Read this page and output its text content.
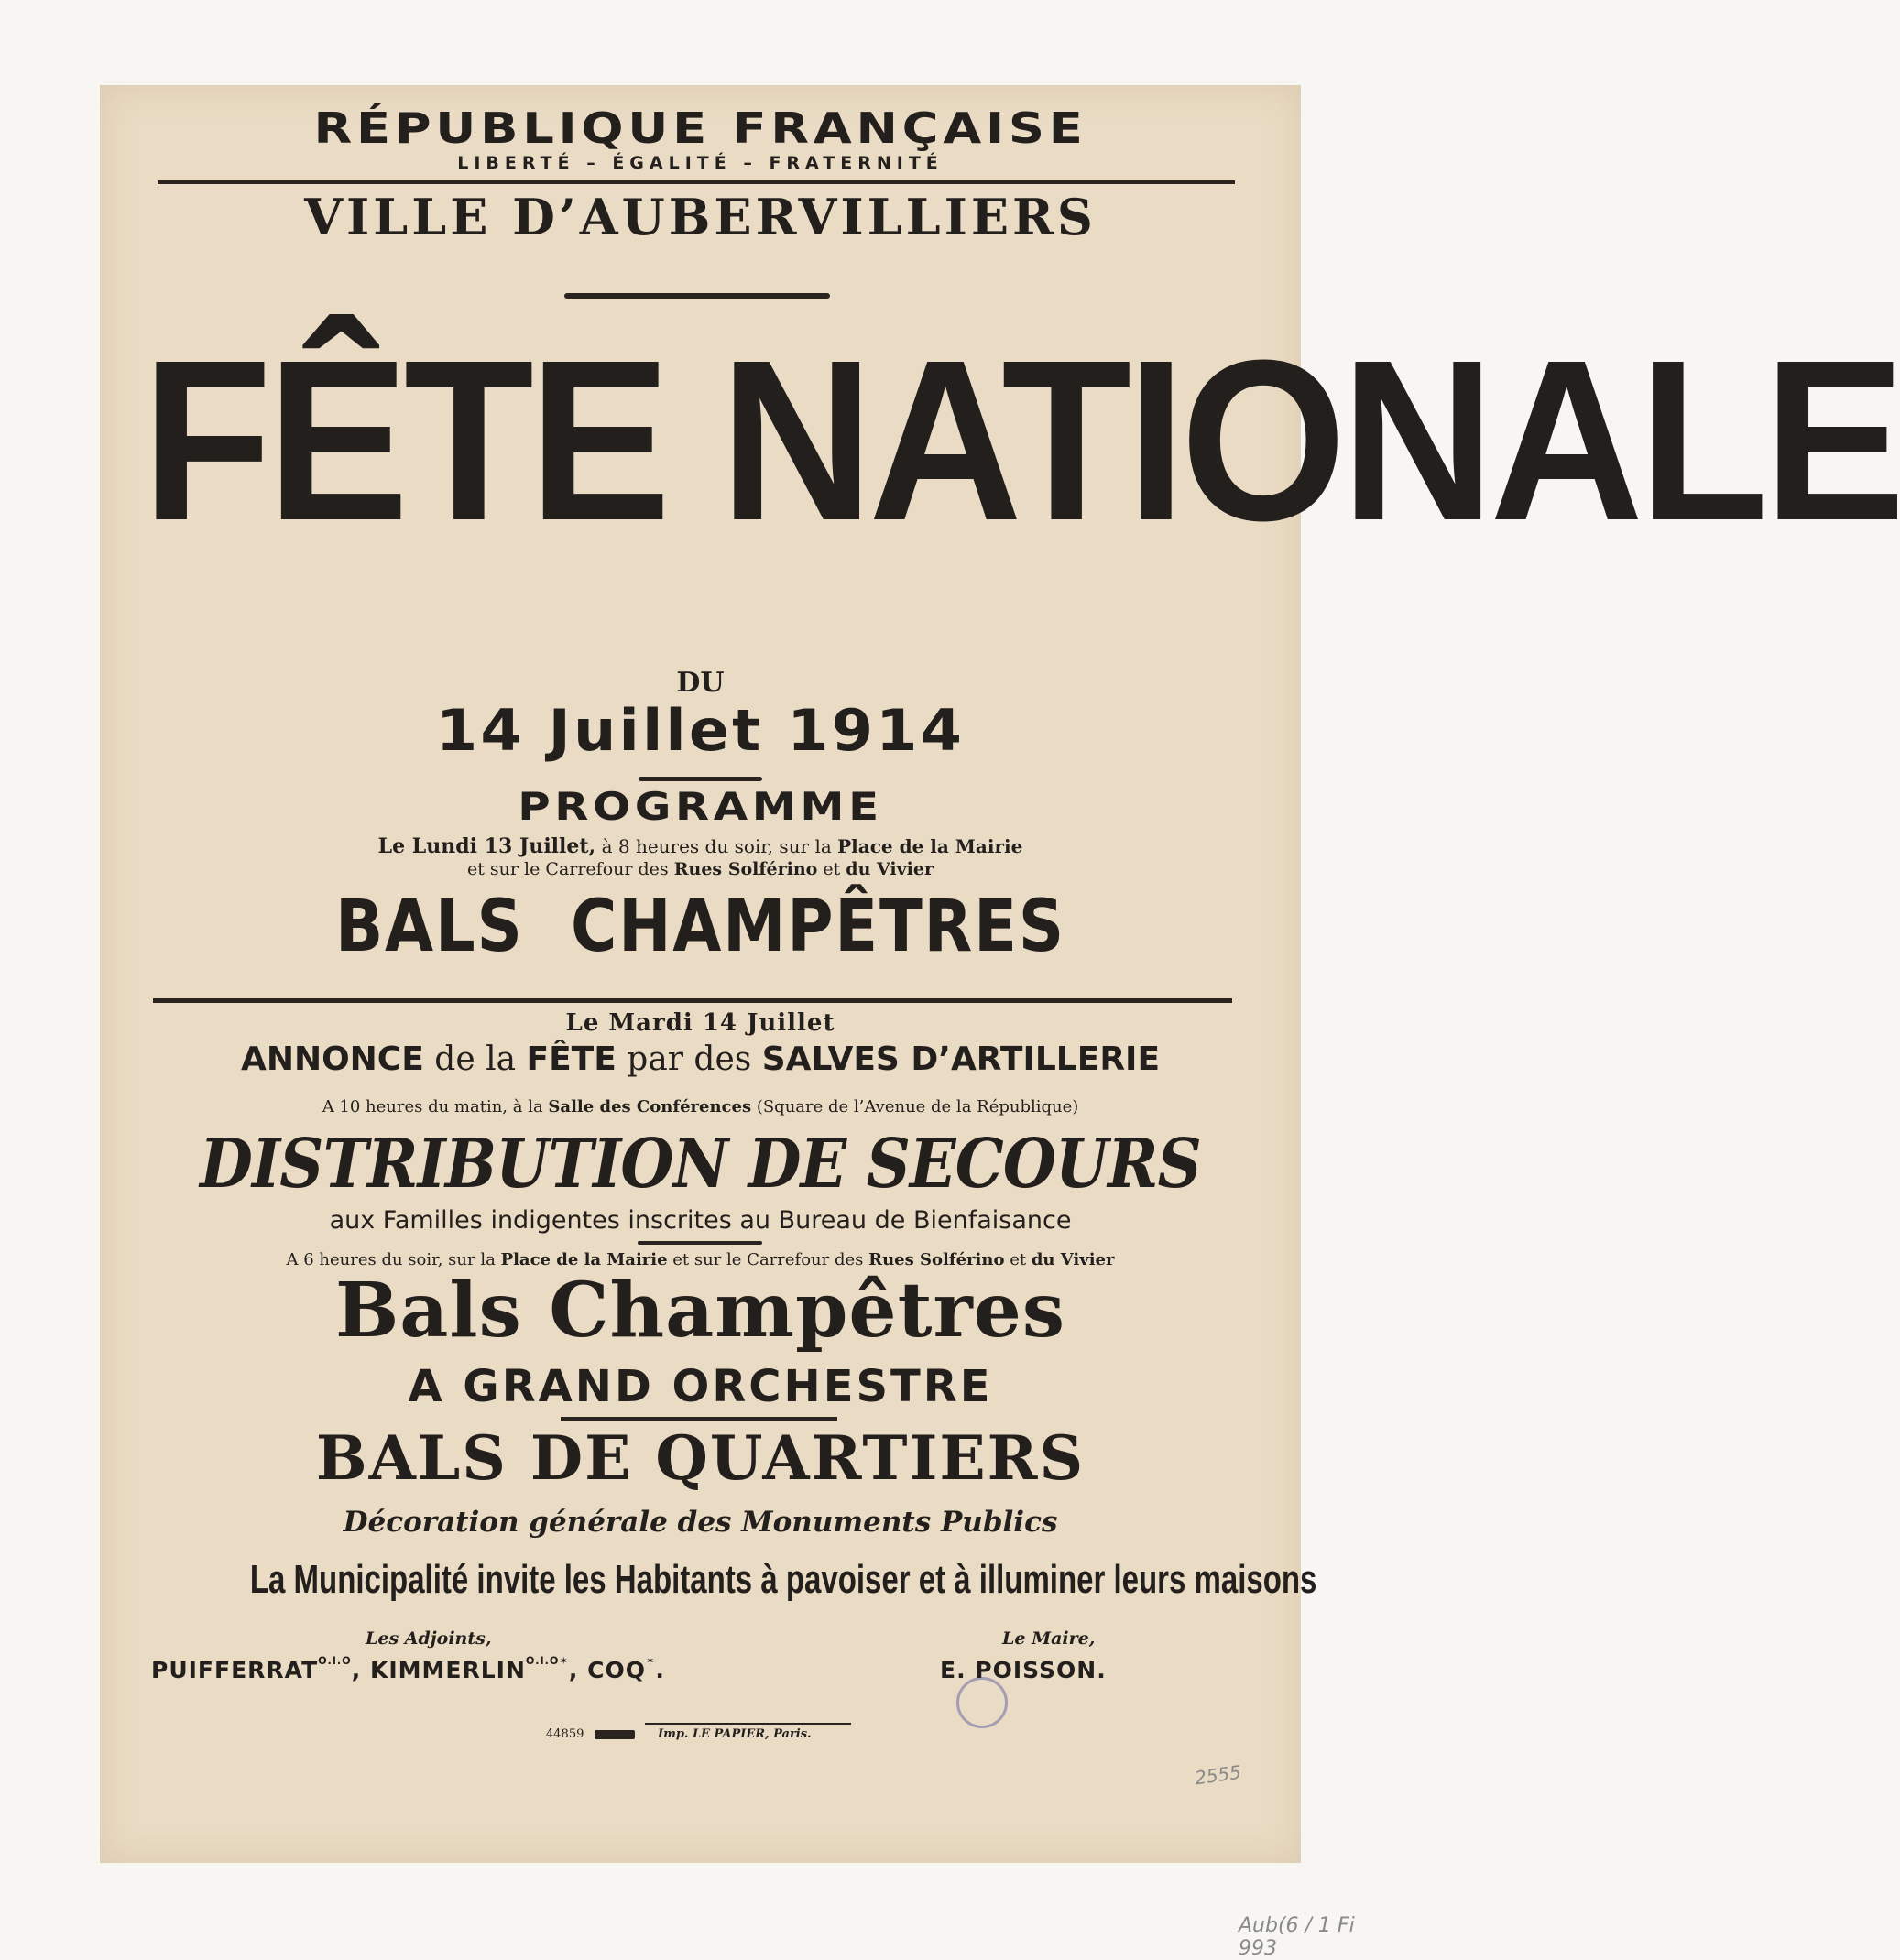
RÉPUBLIQUE FRANÇAISE
LIBERTÉ – ÉGALITÉ – FRATERNITÉ
VILLE D’AUBERVILLIERS
FÊTE NATIONALE
DU
14 Juillet 1914
PROGRAMME
Le Lundi 13 Juillet, à 8 heures du soir, sur la Place de la Mairie
et sur le Carrefour des Rues Solférino et du Vivier
BALS  CHAMPÊTRES
Le Mardi 14 Juillet
ANNONCE de la FÊTE par des SALVES D’ARTILLERIE
A 10 heures du matin, à la Salle des Conférences (Square de l’Avenue de la République)
DISTRIBUTION DE SECOURS
aux Familles indigentes inscrites au Bureau de Bienfaisance
A 6 heures du soir, sur la Place de la Mairie et sur le Carrefour des Rues Solférino et du Vivier
Bals Champêtres
A GRAND ORCHESTRE
BALS DE QUARTIERS
Décoration générale des Monuments Publics
La Municipalité invite les Habitants à pavoiser et à illuminer leurs maisons
Les Adjoints,
$PUIFFERRAT^{O.I.O}$, $KIMMERLIN^{O.I.O✶}$, COQ✶.
Le Maire,
E. POISSON.
44859	Imp. LE PAPIER, Paris.
2555
Aub(6 / 1 Fi 993
